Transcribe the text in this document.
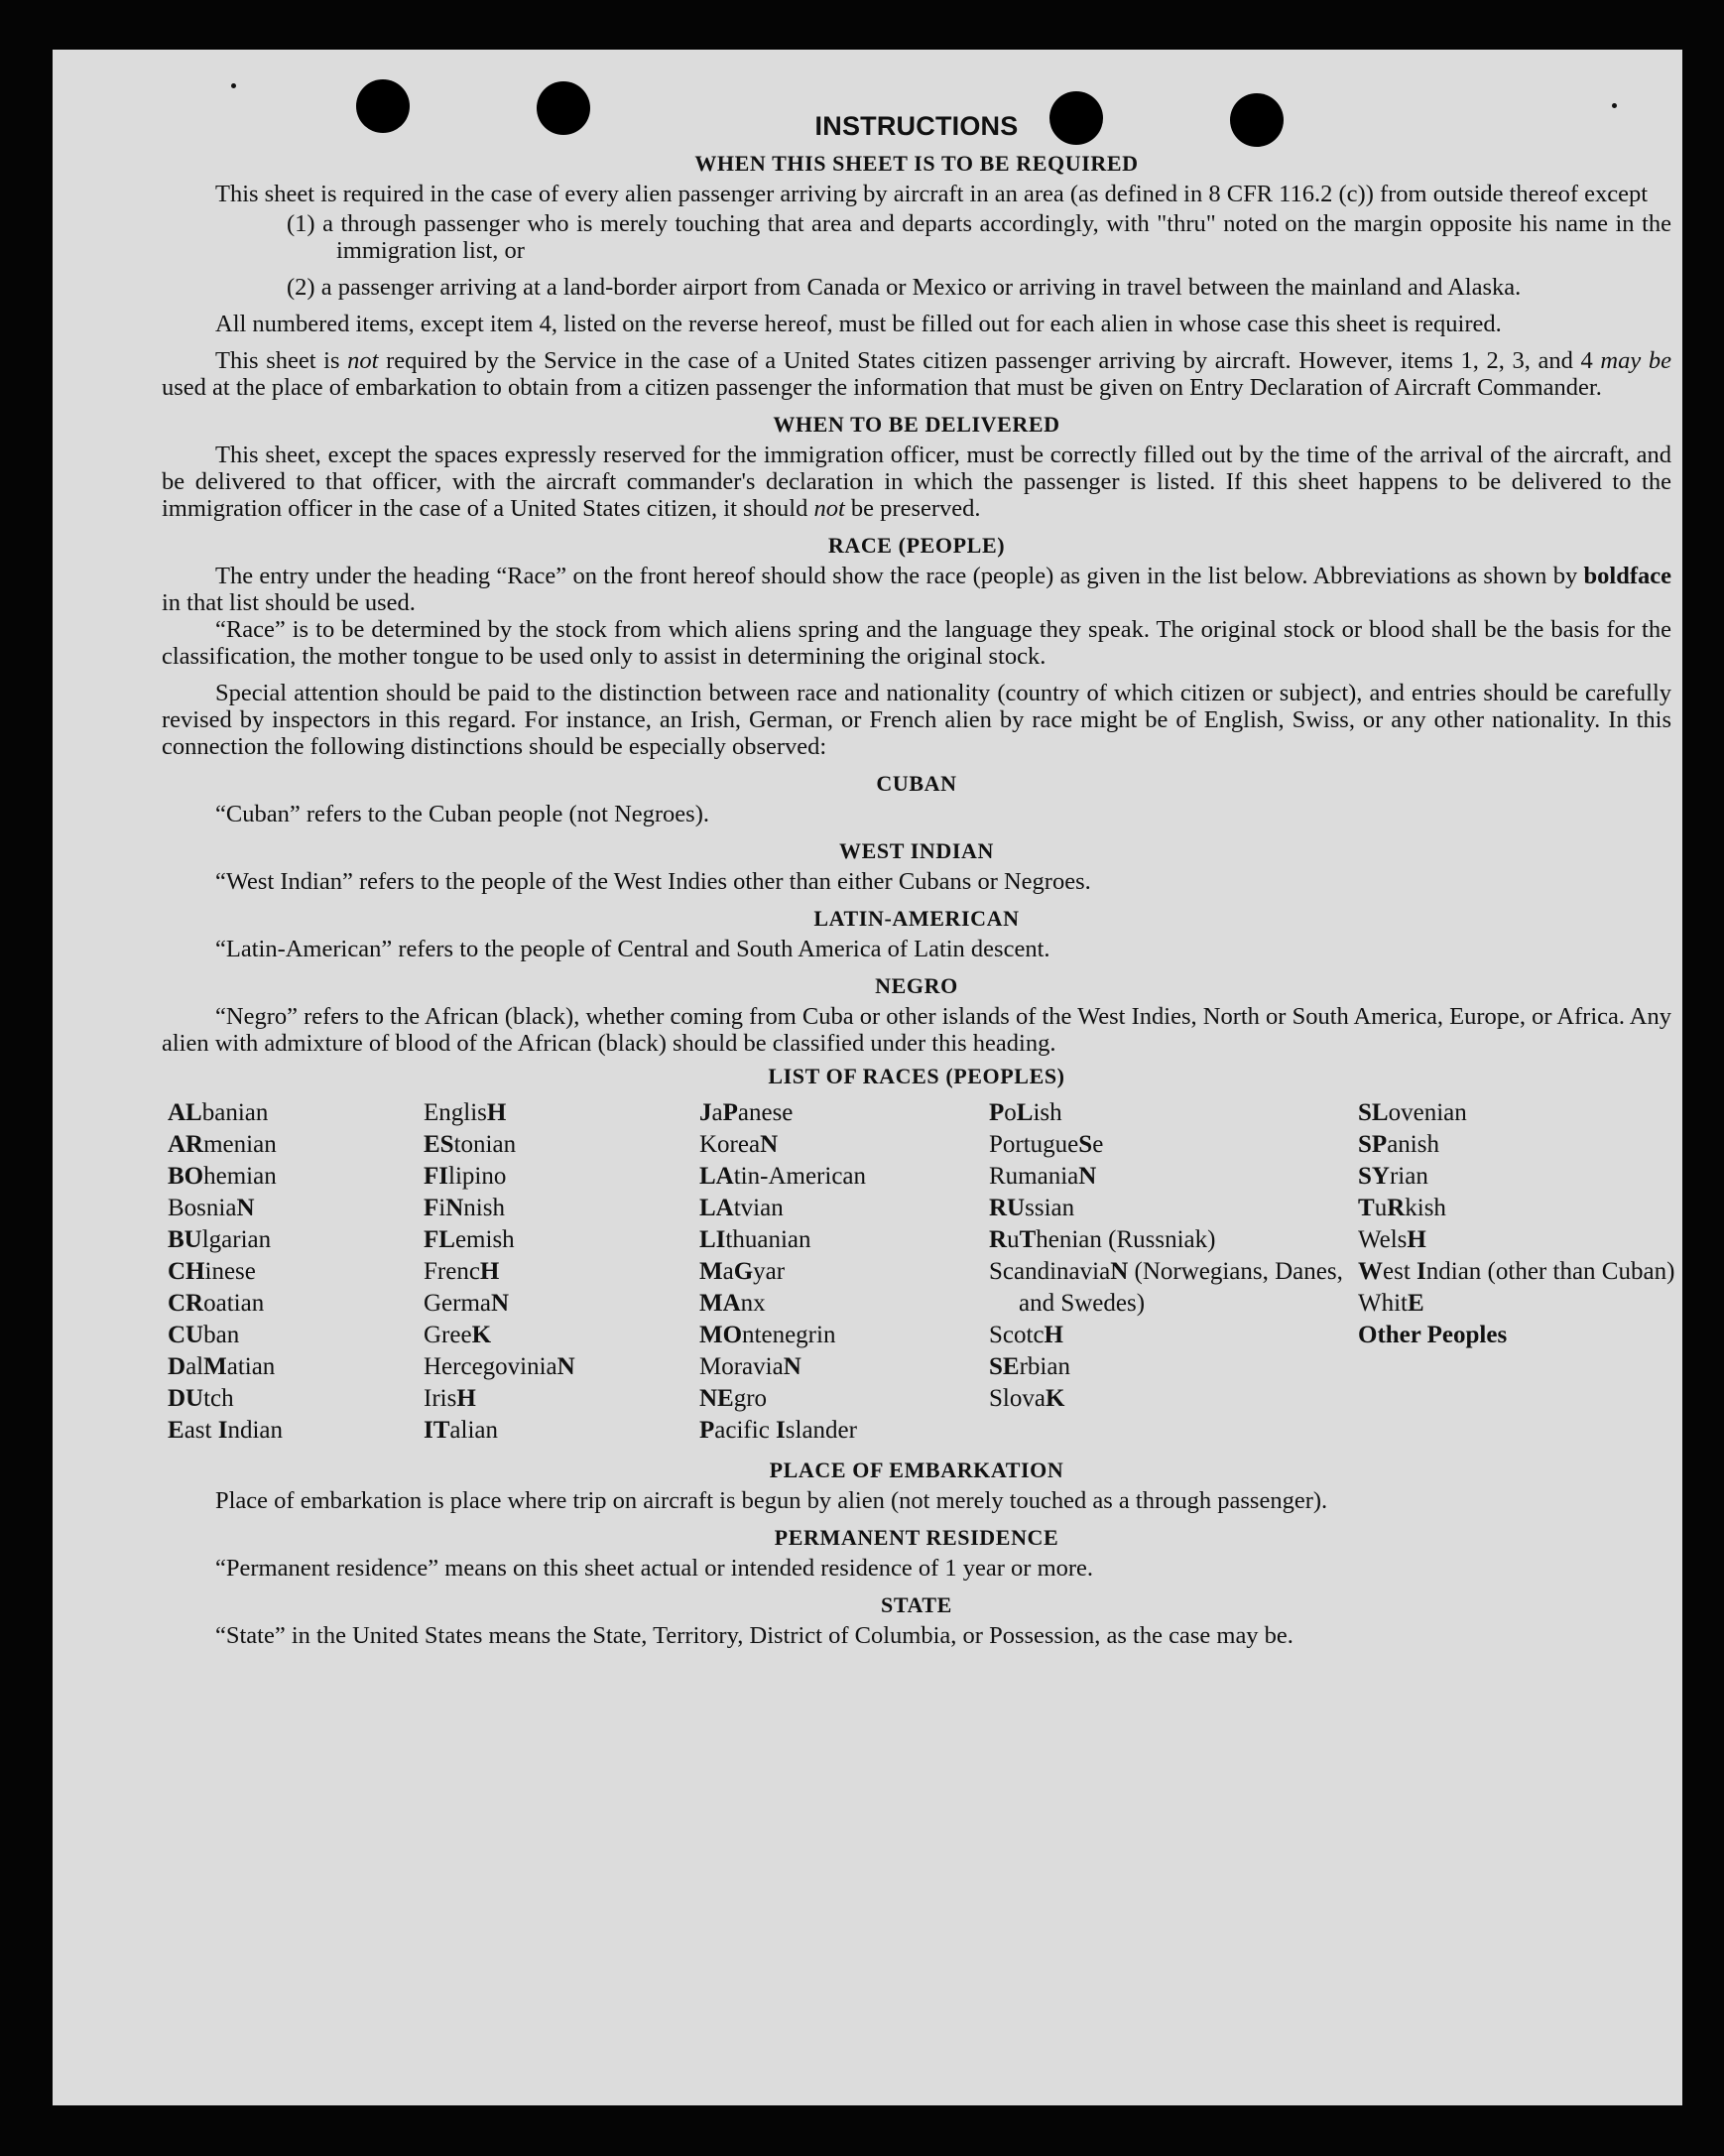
INSTRUCTIONS
WHEN THIS SHEET IS TO BE REQUIRED

This sheet is required in the case of every alien passenger arriving by aircraft in an area (as defined in 8 CFR 116.2 (c)) from outside thereof except

(1) a through passenger who is merely touching that area and departs accordingly, with "thru" noted on the margin opposite his name in the immigration list, or
(2) a passenger arriving at a land-border airport from Canada or Mexico or arriving in travel between the mainland and Alaska.

All numbered items, except item 4, listed on the reverse hereof, must be filled out for each alien in whose case this sheet is required.

This sheet is not required by the Service in the case of a United States citizen passenger arriving by aircraft. However, items 1, 2, 3, and 4 may be used at the place of embarkation to obtain from a citizen passenger the information that must be given on Entry Declaration of Aircraft Commander.

WHEN TO BE DELIVERED

This sheet, except the spaces expressly reserved for the immigration officer, must be correctly filled out by the time of the arrival of the aircraft, and be delivered to that officer, with the aircraft commander's declaration in which the passenger is listed. If this sheet happens to be delivered to the immigration officer in the case of a United States citizen, it should not be preserved.

RACE (PEOPLE)

The entry under the heading “Race” on the front hereof should show the race (people) as given in the list below. Abbreviations as shown by boldface in that list should be used.

“Race” is to be determined by the stock from which aliens spring and the language they speak. The original stock or blood shall be the basis for the classification, the mother tongue to be used only to assist in determining the original stock.

Special attention should be paid to the distinction between race and nationality (country of which citizen or subject), and entries should be carefully revised by inspectors in this regard. For instance, an Irish, German, or French alien by race might be of English, Swiss, or any other nationality. In this connection the following distinctions should be especially observed:

CUBAN

“Cuban” refers to the Cuban people (not Negroes).

WEST INDIAN

“West Indian” refers to the people of the West Indies other than either Cubans or Negroes.

LATIN-AMERICAN

“Latin-American” refers to the people of Central and South America of Latin descent.

NEGRO

“Negro” refers to the African (black), whether coming from Cuba or other islands of the West Indies, North or South America, Europe, or Africa. Any alien with admixture of blood of the African (black) should be classified under this heading.

LIST OF RACES (PEOPLES)
ALbanian
ARmenian
BOhemian
BosniaN
BUlgarian
CHinese
CRoatian
CUban
DalMatian
DUtch
East Indian
EnglisH
EStonian
FIlipino
FiNnish
FLemish
FrencH
GermaN
GreeK
HercegoviniaN
IrisH
ITalian
JaPanese
KoreaN
LAtin-American
LAtvian
LIthuanian
MaGyar
MAnx
MOntenegrin
MoraviaN
NEgro
Pacific Islander
PoLish
PortugueSe
RumaniaN
RUssian
RuThenian (Russniak)
ScandinaviaN (Norwegians, Danes, and Swedes)
ScotcH
SErbian
SlovaK
SLovenian
SPanish
SYrian
TuRkish
WelsH
West Indian (other than Cuban)
WhitE
Other Peoples
PLACE OF EMBARKATION

Place of embarkation is place where trip on aircraft is begun by alien (not merely touched as a through passenger).

PERMANENT RESIDENCE

“Permanent residence” means on this sheet actual or intended residence of 1 year or more.

STATE

“State” in the United States means the State, Territory, District of Columbia, or Possession, as the case may be.
